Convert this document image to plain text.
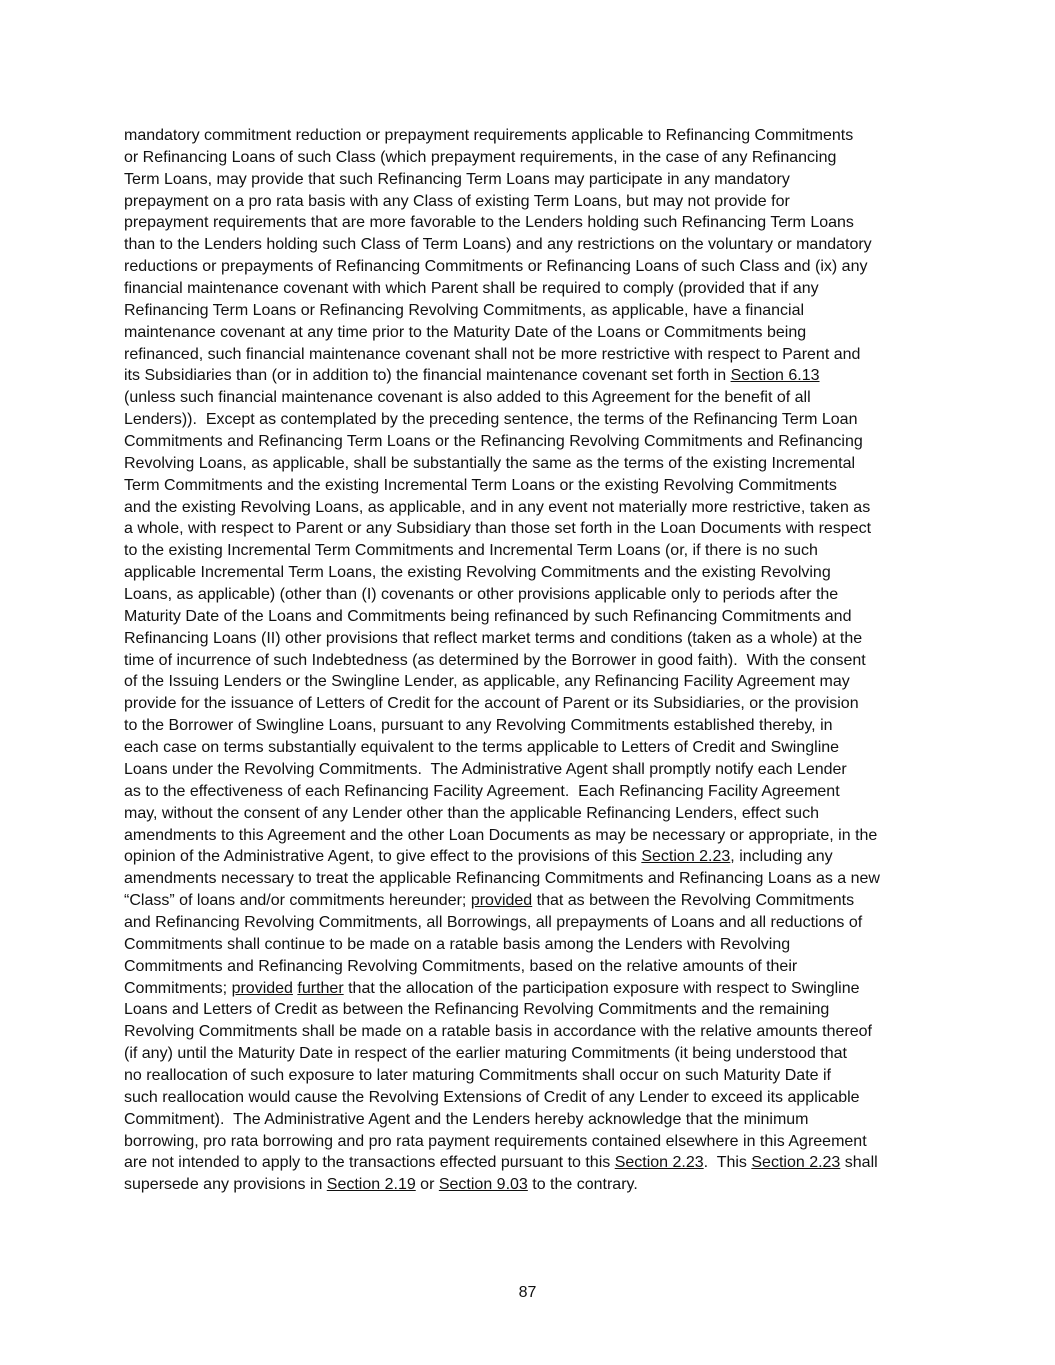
mandatory commitment reduction or prepayment requirements applicable to Refinancing Commitments
or Refinancing Loans of such Class (which prepayment requirements, in the case of any Refinancing
Term Loans, may provide that such Refinancing Term Loans may participate in any mandatory
prepayment on a pro rata basis with any Class of existing Term Loans, but may not provide for
prepayment requirements that are more favorable to the Lenders holding such Refinancing Term Loans
than to the Lenders holding such Class of Term Loans) and any restrictions on the voluntary or mandatory
reductions or prepayments of Refinancing Commitments or Refinancing Loans of such Class and (ix) any
financial maintenance covenant with which Parent shall be required to comply (provided that if any
Refinancing Term Loans or Refinancing Revolving Commitments, as applicable, have a financial
maintenance covenant at any time prior to the Maturity Date of the Loans or Commitments being
refinanced, such financial maintenance covenant shall not be more restrictive with respect to Parent and
its Subsidiaries than (or in addition to) the financial maintenance covenant set forth in Section 6.13
(unless such financial maintenance covenant is also added to this Agreement for the benefit of all
Lenders)).  Except as contemplated by the preceding sentence, the terms of the Refinancing Term Loan
Commitments and Refinancing Term Loans or the Refinancing Revolving Commitments and Refinancing
Revolving Loans, as applicable, shall be substantially the same as the terms of the existing Incremental
Term Commitments and the existing Incremental Term Loans or the existing Revolving Commitments
and the existing Revolving Loans, as applicable, and in any event not materially more restrictive, taken as
a whole, with respect to Parent or any Subsidiary than those set forth in the Loan Documents with respect
to the existing Incremental Term Commitments and Incremental Term Loans (or, if there is no such
applicable Incremental Term Loans, the existing Revolving Commitments and the existing Revolving
Loans, as applicable) (other than (I) covenants or other provisions applicable only to periods after the
Maturity Date of the Loans and Commitments being refinanced by such Refinancing Commitments and
Refinancing Loans (II) other provisions that reflect market terms and conditions (taken as a whole) at the
time of incurrence of such Indebtedness (as determined by the Borrower in good faith).  With the consent
of the Issuing Lenders or the Swingline Lender, as applicable, any Refinancing Facility Agreement may
provide for the issuance of Letters of Credit for the account of Parent or its Subsidiaries, or the provision
to the Borrower of Swingline Loans, pursuant to any Revolving Commitments established thereby, in
each case on terms substantially equivalent to the terms applicable to Letters of Credit and Swingline
Loans under the Revolving Commitments.  The Administrative Agent shall promptly notify each Lender
as to the effectiveness of each Refinancing Facility Agreement.  Each Refinancing Facility Agreement
may, without the consent of any Lender other than the applicable Refinancing Lenders, effect such
amendments to this Agreement and the other Loan Documents as may be necessary or appropriate, in the
opinion of the Administrative Agent, to give effect to the provisions of this Section 2.23, including any
amendments necessary to treat the applicable Refinancing Commitments and Refinancing Loans as a new
“Class” of loans and/or commitments hereunder; provided that as between the Revolving Commitments
and Refinancing Revolving Commitments, all Borrowings, all prepayments of Loans and all reductions of
Commitments shall continue to be made on a ratable basis among the Lenders with Revolving
Commitments and Refinancing Revolving Commitments, based on the relative amounts of their
Commitments; provided further that the allocation of the participation exposure with respect to Swingline
Loans and Letters of Credit as between the Refinancing Revolving Commitments and the remaining
Revolving Commitments shall be made on a ratable basis in accordance with the relative amounts thereof
(if any) until the Maturity Date in respect of the earlier maturing Commitments (it being understood that
no reallocation of such exposure to later maturing Commitments shall occur on such Maturity Date if
such reallocation would cause the Revolving Extensions of Credit of any Lender to exceed its applicable
Commitment).  The Administrative Agent and the Lenders hereby acknowledge that the minimum
borrowing, pro rata borrowing and pro rata payment requirements contained elsewhere in this Agreement
are not intended to apply to the transactions effected pursuant to this Section 2.23.  This Section 2.23 shall
supersede any provisions in Section 2.19 or Section 9.03 to the contrary.
87
